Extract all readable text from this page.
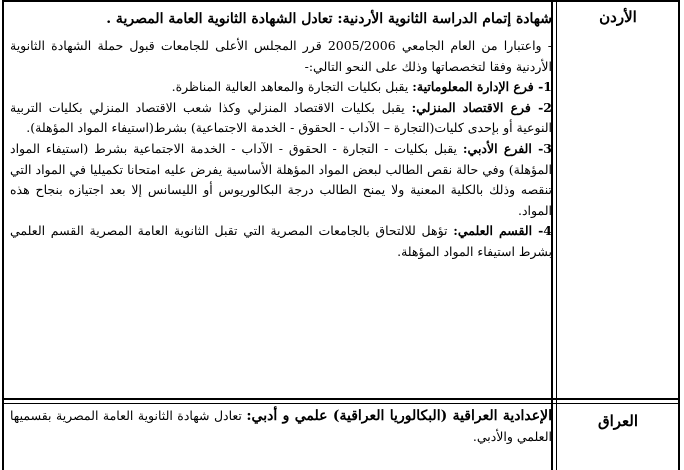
الأردن

شهادة إتمام الدراسة الثانوية الأردنية: تعادل الشهادة الثانوية العامة المصرية .

- واعتبارا من العام الجامعي 2005/2006 قرر المجلس الأعلى للجامعات قبول حملة الشهادة الثانوية الأردنية وفقا لتخصصاتها وذلك على النحو التالي:-

1- فرع الإدارة المعلوماتية: يقبل بكليات التجارة والمعاهد العالية المناظرة.

2- فرع الاقتصاد المنزلي: يقبل بكليات الاقتصاد المنزلي وكذا شعب الاقتصاد المنزلي بكليات التربية النوعية أو بإحدى كليات(التجارة – الآداب - الحقوق - الخدمة الاجتماعية) بشرط(استيفاء المواد المؤهلة).

3- الفرع الأدبي: يقبل بكليات - التجارة - الحقوق - الآداب - الخدمة الاجتماعية بشرط (استيفاء المواد المؤهلة) وفي حالة نقص الطالب لبعض المواد المؤهلة الأساسية يفرض عليه امتحانا تكميليا في المواد التي تنقصه وذلك بالكلية المعنية ولا يمنح الطالب درجة البكالوريوس أو الليسانس إلا بعد اجتيازه بنجاح هذه المواد.

4- القسم العلمي: تؤهل للالتحاق بالجامعات المصرية التي تقبل الثانوية العامة المصرية القسم العلمي بشرط استيفاء المواد المؤهلة.

العراق

الإعدادية العراقية (البكالوريا العراقية) علمي و أدبي: تعادل شهادة الثانوية العامة المصرية بقسميها العلمي والأدبي.
